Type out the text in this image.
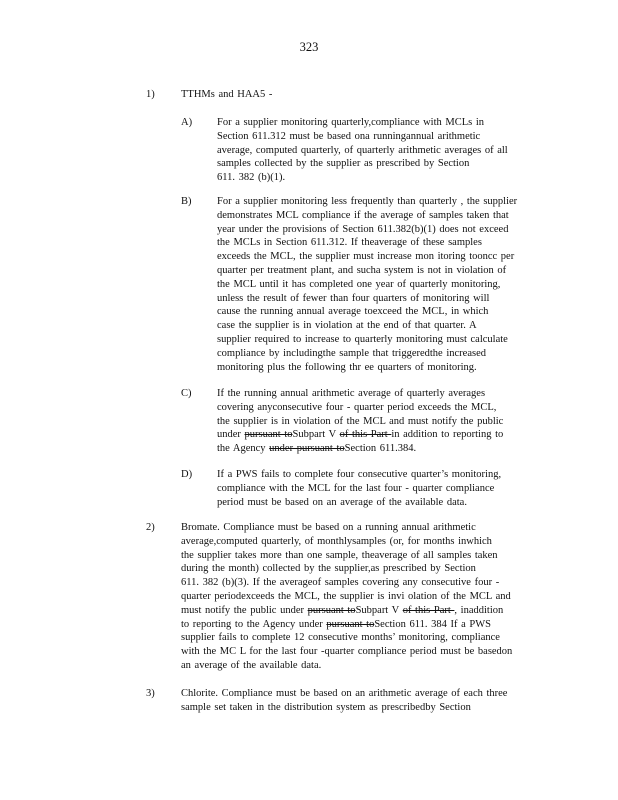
323
1)	TTHMs and HAA5 -
A) For a supplier monitoring quarterly,compliance with MCLs in
Section 611.312 must be based ona runningannual arithmetic
average, computed quarterly, of quarterly arithmetic averages of all
samples collected by the supplier as prescribed by Section
611. 382 (b)(1).
B) For a supplier monitoring less frequently than quarterly , the supplier
demonstrates MCL compliance if the average of samples taken that
year under the provisions of Section 611.382(b)(1) does not exceed
the MCLs in Section 611.312. If theaverage of these samples
exceeds the MCL, the supplier must increase mon itoring tooncc per
quarter per treatment plant, and sucha system is not in violation of
the MCL until it has completed one year of quarterly monitoring,
unless the result of fewer than four quarters of monitoring will
cause the running annual average toexceed the MCL, in which
case the supplier is in violation at the end of that quarter. A
supplier required to increase to quarterly monitoring must calculate
compliance by includingthe sample that triggeredthe increased
monitoring plus the following thr ee quarters of monitoring.
C) If the running annual arithmetic average of quarterly averages
covering anyconsecutive four - quarter period exceeds the MCL,
the supplier is in violation of the MCL and must notify the public
under pursuant toSubpart V of this Part in addition to reporting to
the Agency under pursuant toSection 611.384.
D) If a PWS fails to complete four consecutive quarter’s monitoring,
compliance with the MCL for the last four - quarter compliance
period must be based on an average of the available data.
2)	Bromate. Compliance must be based on a running annual arithmetic
average,computed quarterly, of monthlysamples (or, for months inwhich
the supplier takes more than one sample, theaverage of all samples taken
during the month) collected by the supplier,as prescribed by Section
611. 382 (b)(3). If the averageof samples covering any consecutive four -
quarter periodexceeds the MCL, the supplier is invi olation of the MCL and
must notify the public under pursuant toSubpart V of this Part , inaddition
to reporting to the Agency under pursuant toSection 611. 384 If a PWS
supplier fails to complete 12 consecutive months’ monitoring, compliance
with the MC L for the last four -quarter compliance period must be basedon
an average of the available data.
3)	Chlorite. Compliance must be based on an arithmetic average of each three
sample set taken in the distribution system as prescribedby Section
